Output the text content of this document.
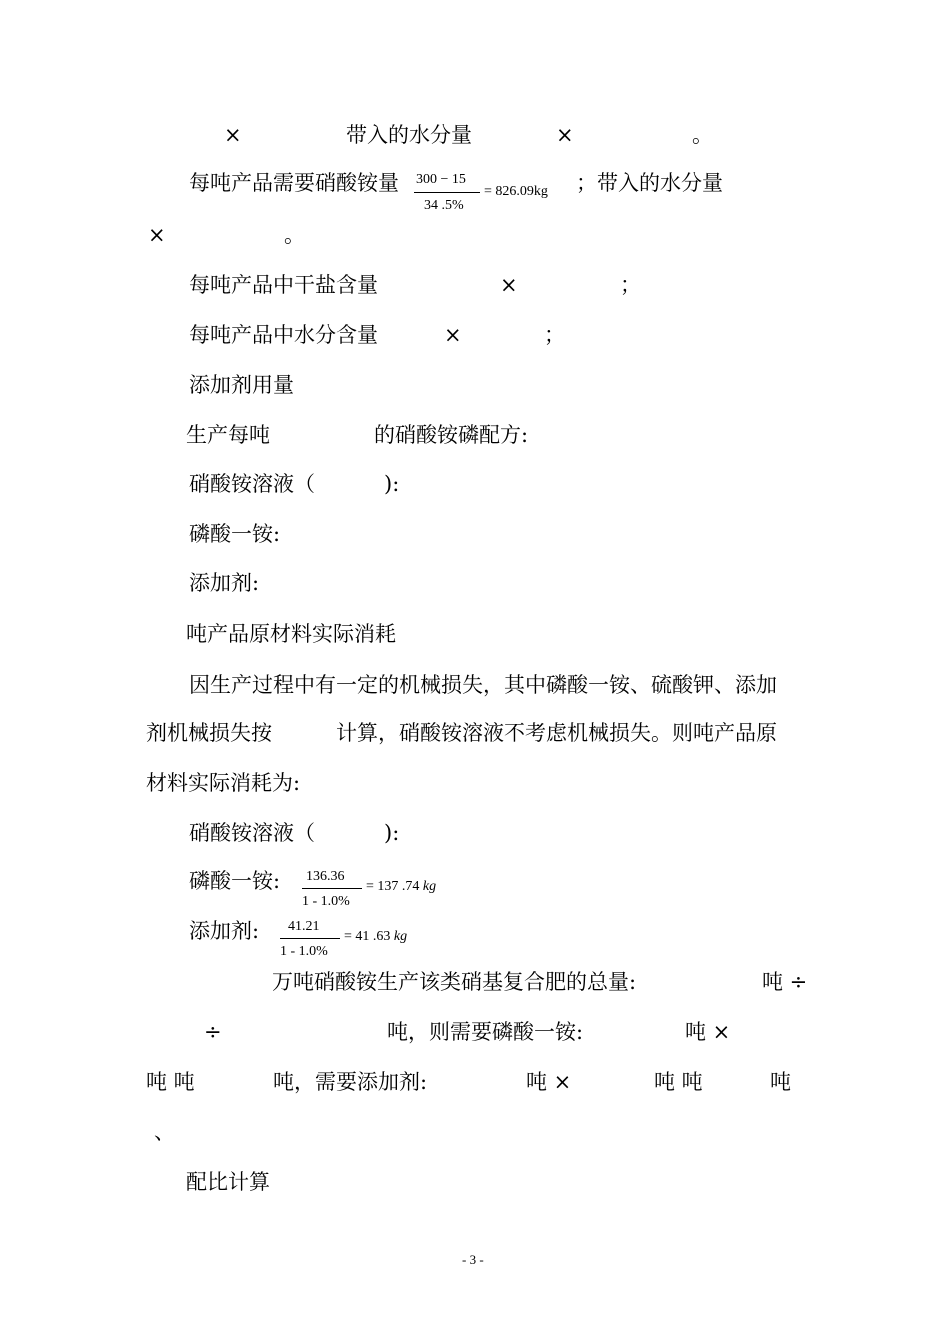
×	带入的水分量	×	。
每吨产品需要硝酸铵量 300 − 15
34 .5%
= 826.09kg ；带入的水分量
×	。
每吨产品中干盐含量	×	；
每吨产品中水分含量	×	；
添加剂用量
生产每吨	的硝酸铵磷配方:
硝酸铵溶液（	):
磷酸一铵:
添加剂:
吨产品原材料实际消耗
因生产过程中有一定的机械损失，其中磷酸一铵、硫酸钾、添加
剂机械损失按	计算，硝酸铵溶液不考虑机械损失。则吨产品原
材料实际消耗为:
硝酸铵溶液（	):
磷酸一铵: 136.36
1 - 1.0%
= 137 .74 kg
添加剂: 41.21
1 - 1.0%
= 41 .63 kg
万吨硝酸铵生产该类硝基复合肥的总量:	吨 ÷
÷	吨，则需要磷酸一铵:	吨 ×
吨 吨	吨，需要添加剂:	吨 ×	吨 吨	吨
、
配比计算
- 3 -
